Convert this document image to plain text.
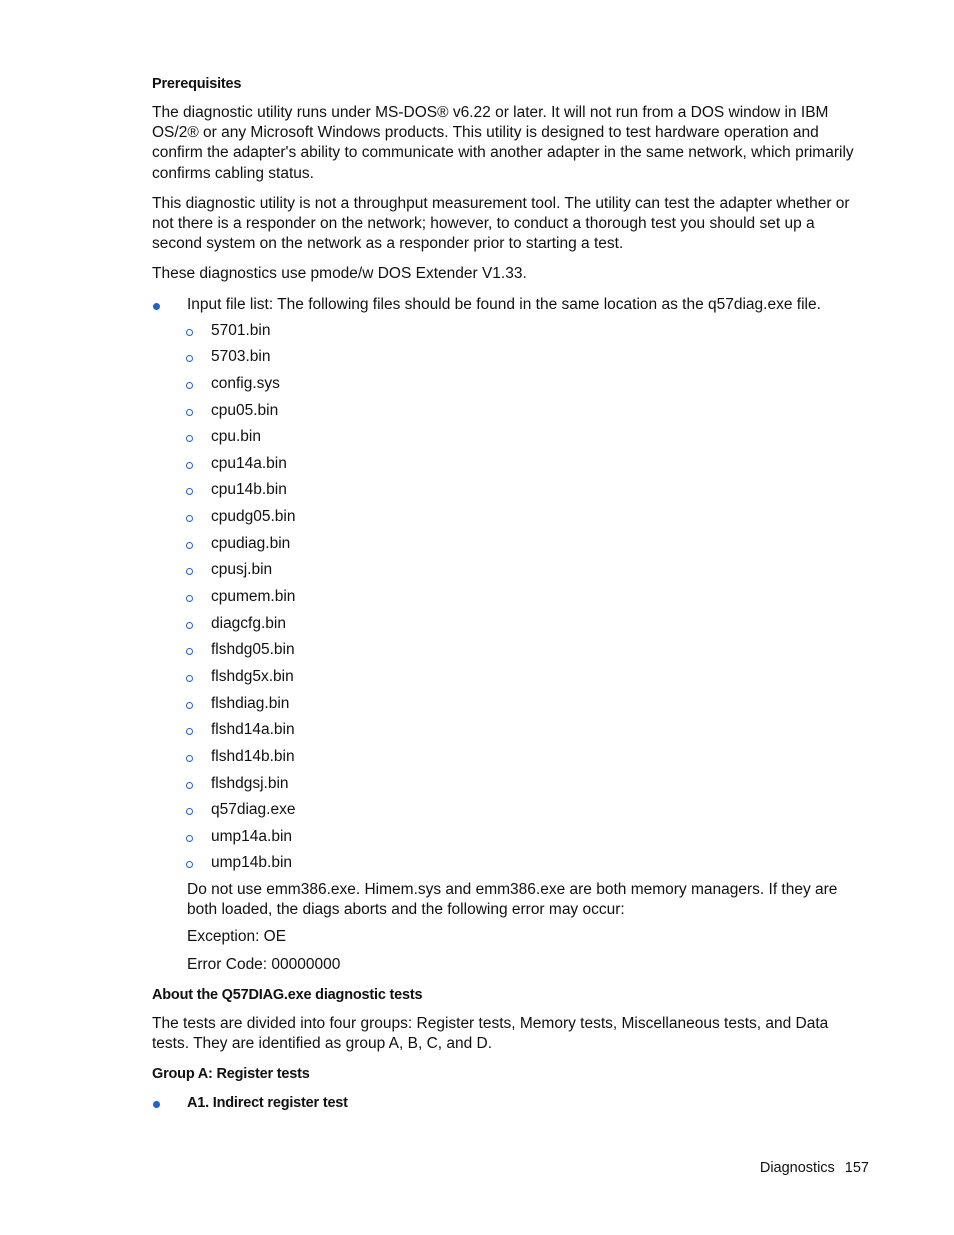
Prerequisites

The diagnostic utility runs under MS-DOS® v6.22 or later. It will not run from a DOS window in IBM OS/2® or any Microsoft Windows products. This utility is designed to test hardware operation and confirm the adapter's ability to communicate with another adapter in the same network, which primarily confirms cabling status.

This diagnostic utility is not a throughput measurement tool. The utility can test the adapter whether or not there is a responder on the network; however, to conduct a thorough test you should set up a second system on the network as a responder prior to starting a test.

These diagnostics use pmode/w DOS Extender V1.33.

Input file list: The following files should be found in the same location as the q57diag.exe file.
5701.bin
5703.bin
config.sys
cpu05.bin
cpu.bin
cpu14a.bin
cpu14b.bin
cpudg05.bin
cpudiag.bin
cpusj.bin
cpumem.bin
diagcfg.bin
flshdg05.bin
flshdg5x.bin
flshdiag.bin
flshd14a.bin
flshd14b.bin
flshdgsj.bin
q57diag.exe
ump14a.bin
ump14b.bin

Do not use emm386.exe. Himem.sys and emm386.exe are both memory managers. If they are both loaded, the diags aborts and the following error may occur:

Exception: OE

Error Code: 00000000

About the Q57DIAG.exe diagnostic tests

The tests are divided into four groups: Register tests, Memory tests, Miscellaneous tests, and Data tests. They are identified as group A, B, C, and D.

Group A: Register tests
A1. Indirect register test
Diagnostics 157
